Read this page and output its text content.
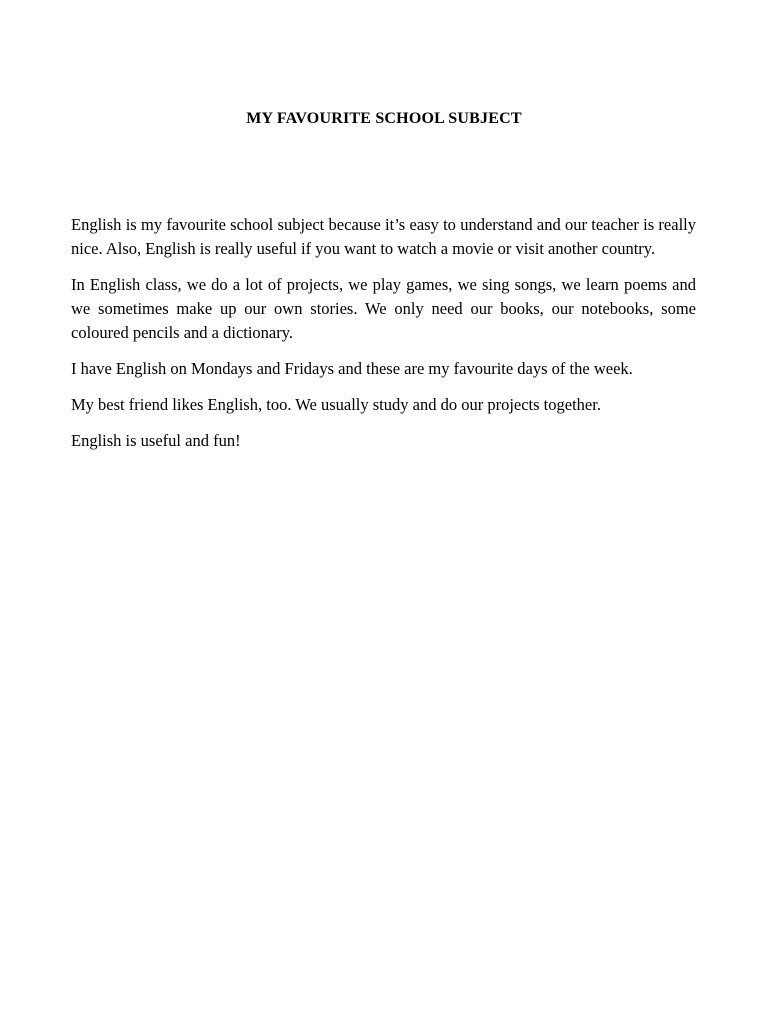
MY FAVOURITE SCHOOL SUBJECT

English is my favourite school subject because it’s easy to understand and our teacher is really nice. Also, English is really useful if you want to watch a movie or visit another country.

In English class, we do a lot of projects, we play games, we sing songs, we learn poems and we sometimes make up our own stories. We only need our books, our notebooks, some coloured pencils and a dictionary.

I have English on Mondays and Fridays and these are my favourite days of the week.

My best friend likes English, too. We usually study and do our projects together.

English is useful and fun!
